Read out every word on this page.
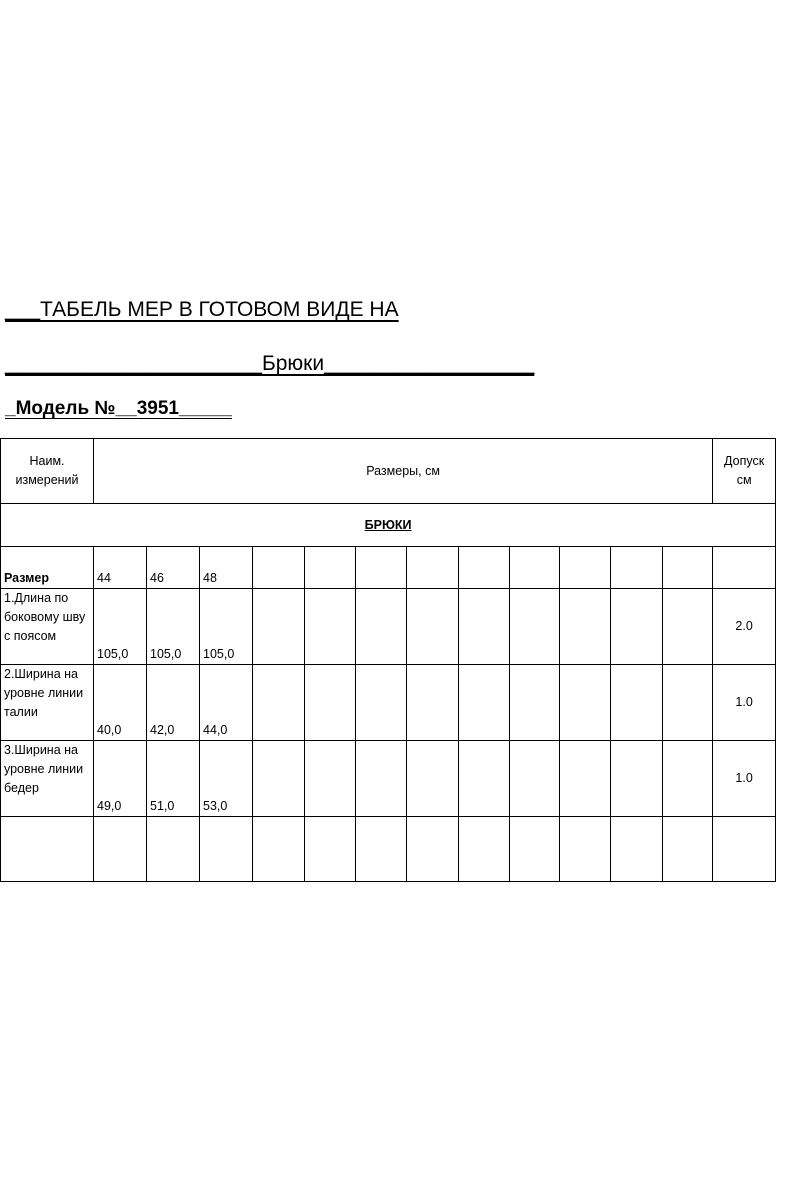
___ТАБЕЛЬ МЕР В ГОТОВОМ ВИДЕ НА
______________________Брюки__________________
_Модель №__3951_____
Наим. измерений	Размеры, см												Допуск см
БРЮКИ													
Размер	44	46	48										
1.Длина по боковому шву с поясом	105,0	105,0	105,0										2.0
2.Ширина на уровне линии талии	40,0	42,0	44,0										1.0
3.Ширина на уровне линии бедер	49,0	51,0	53,0										1.0
